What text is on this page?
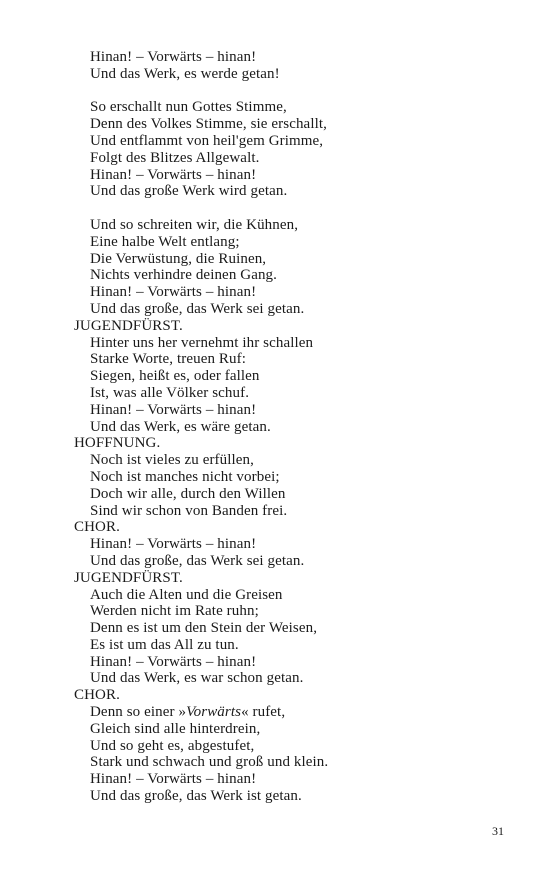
Hinan! – Vorwärts – hinan!
Und das Werk, es werde getan!
So erschallt nun Gottes Stimme,
Denn des Volkes Stimme, sie erschallt,
Und entflammt von heil'gem Grimme,
Folgt des Blitzes Allgewalt.
Hinan! – Vorwärts – hinan!
Und das große Werk wird getan.
Und so schreiten wir, die Kühnen,
Eine halbe Welt entlang;
Die Verwüstung, die Ruinen,
Nichts verhindre deinen Gang.
Hinan! – Vorwärts – hinan!
Und das große, das Werk sei getan.
JUGENDFÜRST.
Hinter uns her vernehmt ihr schallen
Starke Worte, treuen Ruf:
Siegen, heißt es, oder fallen
Ist, was alle Völker schuf.
Hinan! – Vorwärts – hinan!
Und das Werk, es wäre getan.
HOFFNUNG.
Noch ist vieles zu erfüllen,
Noch ist manches nicht vorbei;
Doch wir alle, durch den Willen
Sind wir schon von Banden frei.
CHOR.
Hinan! – Vorwärts – hinan!
Und das große, das Werk sei getan.
JUGENDFÜRST.
Auch die Alten und die Greisen
Werden nicht im Rate ruhn;
Denn es ist um den Stein der Weisen,
Es ist um das All zu tun.
Hinan! – Vorwärts – hinan!
Und das Werk, es war schon getan.
CHOR.
Denn so einer »Vorwärts« rufet,
Gleich sind alle hinterdrein,
Und so geht es, abgestufet,
Stark und schwach und groß und klein.
Hinan! – Vorwärts – hinan!
Und das große, das Werk ist getan.
31
